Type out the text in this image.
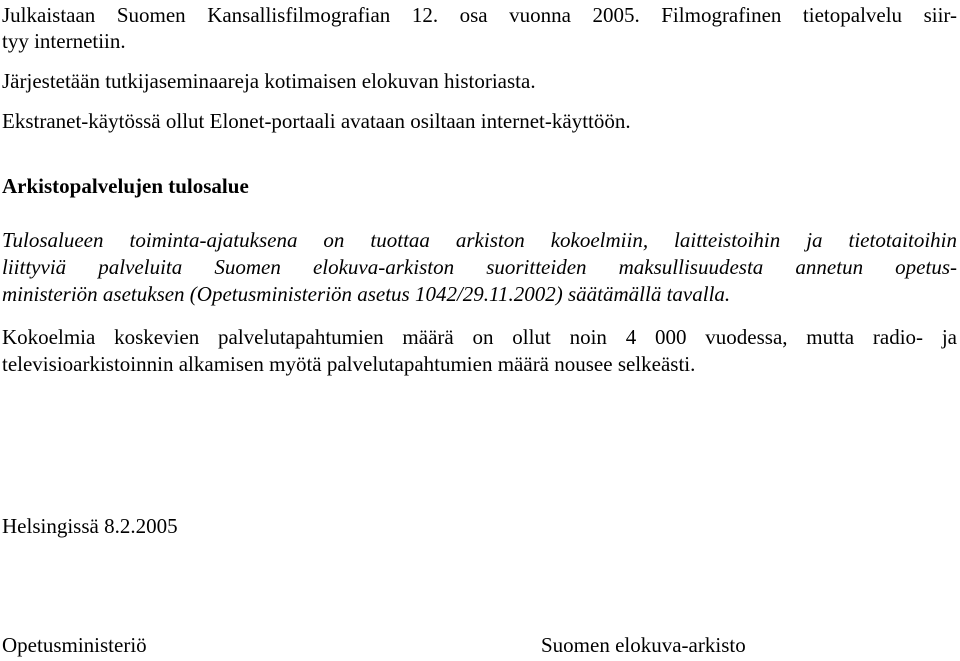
Julkaistaan Suomen Kansallisfilmografian 12. osa vuonna 2005. Filmografinen tietopalvelu siir-
tyy internetiin.
Järjestetään tutkijaseminaareja kotimaisen elokuvan historiasta.
Ekstranet-käytössä ollut Elonet-portaali avataan osiltaan internet-käyttöön.
Arkistopalvelujen tulosalue
Tulosalueen toiminta-ajatuksena on tuottaa arkiston kokoelmiin, laitteistoihin ja tietotaitoihin
liittyviä palveluita Suomen elokuva-arkiston suoritteiden maksullisuudesta annetun opetus-
ministeriön asetuksen (Opetusministeriön asetus 1042/29.11.2002) säätämällä tavalla.
Kokoelmia koskevien palvelutapahtumien määrä on ollut noin 4 000 vuodessa, mutta radio- ja
televisioarkistoinnin alkamisen myötä palvelutapahtumien määrä nousee selkeästi.
Helsingissä 8.2.2005
Opetusministeriö	Suomen elokuva-arkisto
